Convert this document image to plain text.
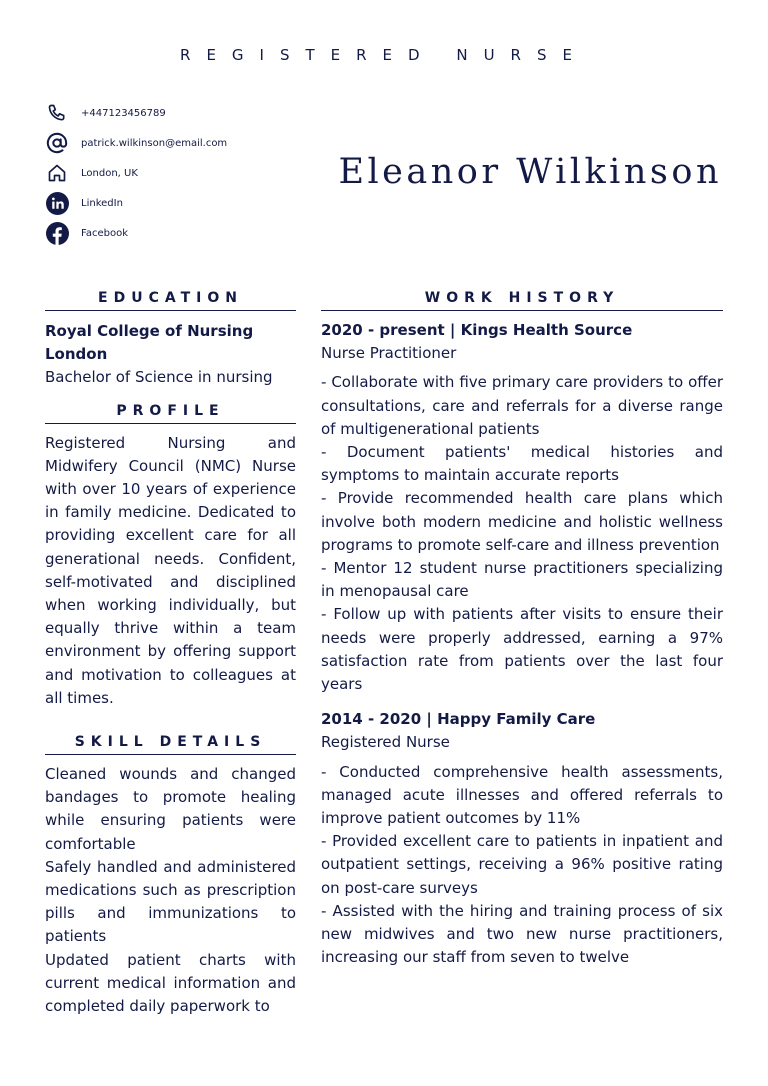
REGISTERED NURSE
+447123456789
patrick.wilkinson@email.com
London, UK
LinkedIn
Facebook
Eleanor Wilkinson
EDUCATION

Royal College of Nursing London

Bachelor of Science in nursing

PROFILE

Registered Nursing and Midwifery Council (NMC) Nurse with over 10 years of experience in family medicine. Dedicated to providing excellent care for all generational needs. Confident, self-motivated and disciplined when working individually, but equally thrive within a team environment by offering support and motivation to colleagues at all times.

SKILL DETAILS

Cleaned wounds and changed bandages to promote healing while ensuring patients were comfortable

Safely handled and administered medications such as prescription pills and immunizations to patients

Updated patient charts with current medical information and completed daily paperwork to

WORK HISTORY

2020 - present | Kings Health Source

Nurse Practitioner

- Collaborate with five primary care providers to offer consultations, care and referrals for a diverse range of multigenerational patients

- Document patients' medical histories and symptoms to maintain accurate reports

- Provide recommended health care plans which involve both modern medicine and holistic wellness programs to promote self-care and illness prevention

- Mentor 12 student nurse practitioners specializing in menopausal care

- Follow up with patients after visits to ensure their needs were properly addressed, earning a 97% satisfaction rate from patients over the last four years

2014 - 2020 | Happy Family Care

Registered Nurse

- Conducted comprehensive health assessments, managed acute illnesses and offered referrals to improve patient outcomes by 11%

- Provided excellent care to patients in inpatient and outpatient settings, receiving a 96% positive rating on post-care surveys

- Assisted with the hiring and training process of six new midwives and two new nurse practitioners, increasing our staff from seven to twelve
